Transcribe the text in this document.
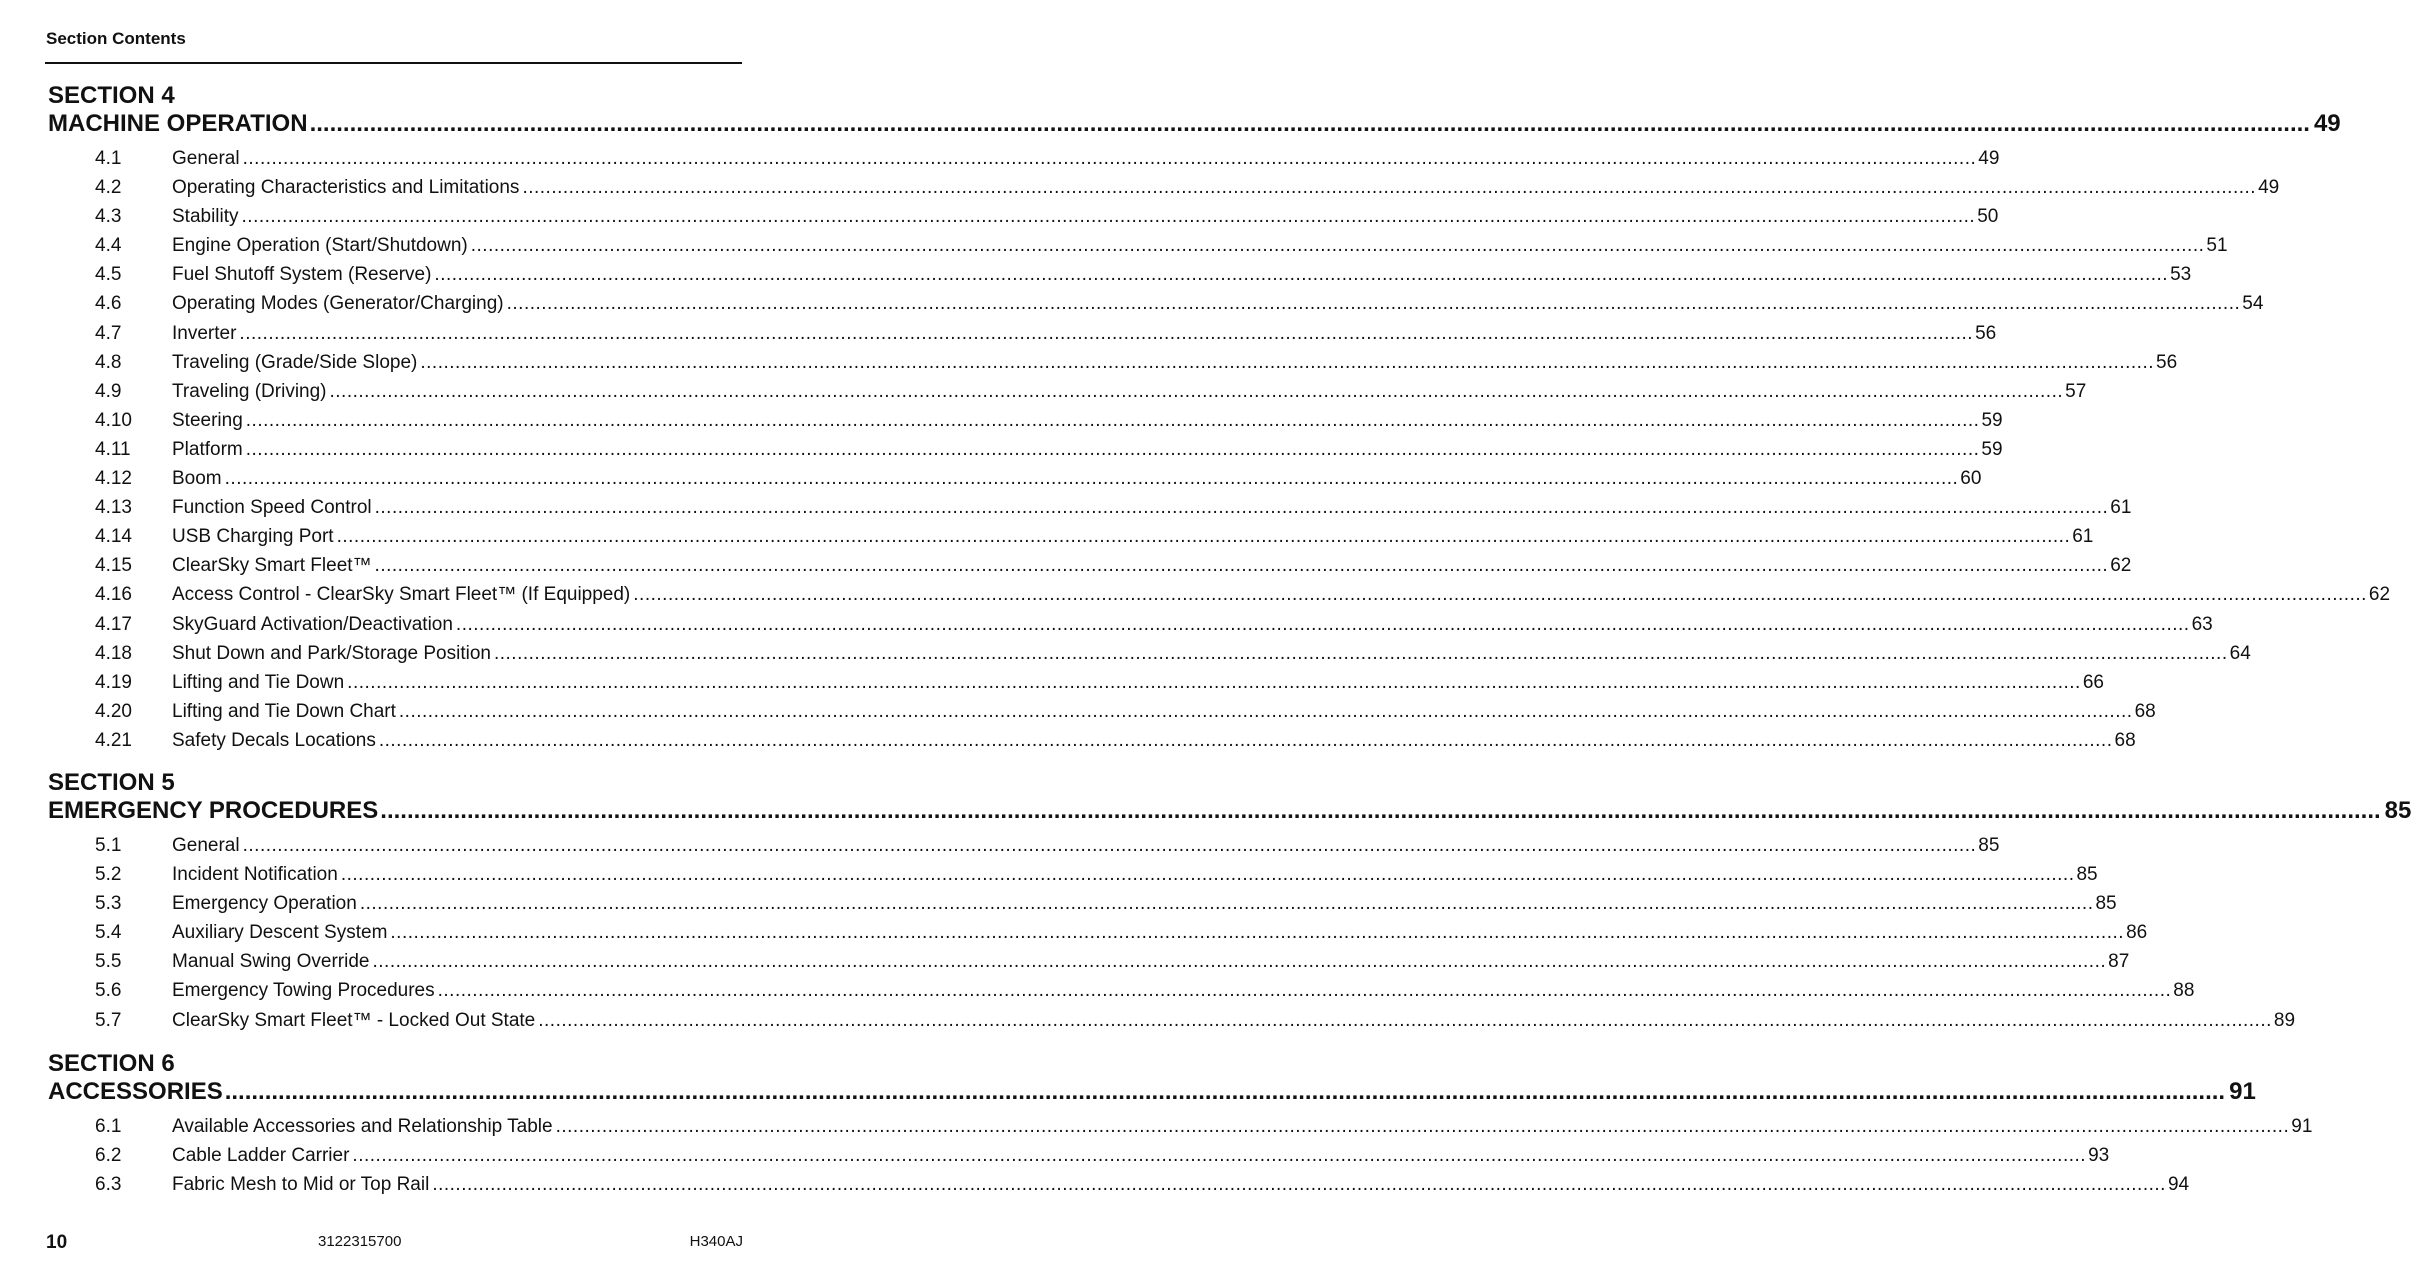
Section Contents
SECTION 4
MACHINE OPERATION ............................................................................................................................................................................................................................................................................................................ 49
4.1	General ............................................................................................................................................................................................................................................................................................................ 49
4.2	Operating Characteristics and Limitations ............................................................................................................................................................................................................................................................................................................ 49
4.3	Stability ............................................................................................................................................................................................................................................................................................................ 50
4.4	Engine Operation (Start/Shutdown) ............................................................................................................................................................................................................................................................................................................ 51
4.5	Fuel Shutoff System (Reserve) ............................................................................................................................................................................................................................................................................................................ 53
4.6	Operating Modes (Generator/Charging) ............................................................................................................................................................................................................................................................................................................ 54
4.7	Inverter ............................................................................................................................................................................................................................................................................................................ 56
4.8	Traveling (Grade/Side Slope) ............................................................................................................................................................................................................................................................................................................ 56
4.9	Traveling (Driving) ............................................................................................................................................................................................................................................................................................................ 57
4.10	Steering ............................................................................................................................................................................................................................................................................................................ 59
4.11	Platform ............................................................................................................................................................................................................................................................................................................ 59
4.12	Boom ............................................................................................................................................................................................................................................................................................................ 60
4.13	Function Speed Control ............................................................................................................................................................................................................................................................................................................ 61
4.14	USB Charging Port ............................................................................................................................................................................................................................................................................................................ 61
4.15	ClearSky Smart Fleet™ ............................................................................................................................................................................................................................................................................................................ 62
4.16	Access Control - ClearSky Smart Fleet™ (If Equipped) ............................................................................................................................................................................................................................................................................................................ 62
4.17	SkyGuard Activation/Deactivation ............................................................................................................................................................................................................................................................................................................ 63
4.18	Shut Down and Park/Storage Position ............................................................................................................................................................................................................................................................................................................ 64
4.19	Lifting and Tie Down ............................................................................................................................................................................................................................................................................................................ 66
4.20	Lifting and Tie Down Chart ............................................................................................................................................................................................................................................................................................................ 68
4.21	Safety Decals Locations ............................................................................................................................................................................................................................................................................................................ 68
SECTION 5
EMERGENCY PROCEDURES ............................................................................................................................................................................................................................................................................................................ 85
5.1	General ............................................................................................................................................................................................................................................................................................................ 85
5.2	Incident Notification ............................................................................................................................................................................................................................................................................................................ 85
5.3	Emergency Operation ............................................................................................................................................................................................................................................................................................................ 85
5.4	Auxiliary Descent System ............................................................................................................................................................................................................................................................................................................ 86
5.5	Manual Swing Override ............................................................................................................................................................................................................................................................................................................ 87
5.6	Emergency Towing Procedures ............................................................................................................................................................................................................................................................................................................ 88
5.7	ClearSky Smart Fleet™ - Locked Out State ............................................................................................................................................................................................................................................................................................................ 89
SECTION 6
ACCESSORIES ............................................................................................................................................................................................................................................................................................................ 91
6.1	Available Accessories and Relationship Table ............................................................................................................................................................................................................................................................................................................ 91
6.2	Cable Ladder Carrier ............................................................................................................................................................................................................................................................................................................ 93
6.3	Fabric Mesh to Mid or Top Rail ............................................................................................................................................................................................................................................................................................................ 94
10	3122315700	H340AJ
